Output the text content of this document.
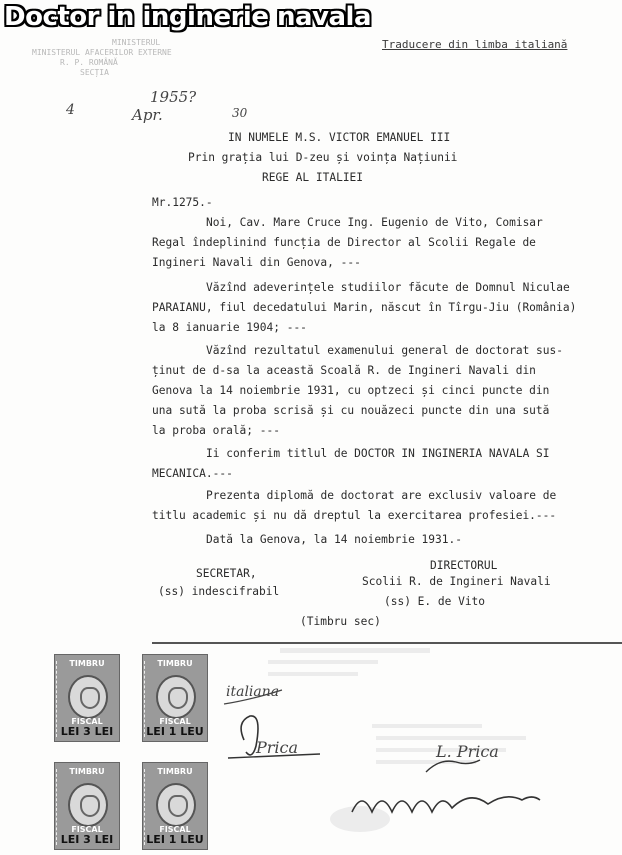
MINISTERUL
MINISTERUL AFACERILOR EXTERNE
R. P. ROMÂNĂ
SECȚIA
Traducere din limba italiană
4
1955?
Apr.	30
IN NUMELE M.S. VICTOR EMANUEL III
Prin grația lui D-zeu și voința Națiunii
REGE AL ITALIEI
Mr.1275.-
Noi, Cav. Mare Cruce Ing. Eugenio de Vito, Comisar
Regal îndeplinind funcția de Director al Scolii Regale de
Ingineri Navali din Genova, ---
Văzînd adeverințele studiilor făcute de Domnul Niculae
PARAIANU, fiul decedatului Marin, născut în Tîrgu-Jiu (România)
la 8 ianuarie 1904; ---
Văzînd rezultatul examenului general de doctorat sus-
ținut de d-sa la această Scoală R. de Ingineri Navali din
Genova la 14 noiembrie 1931, cu optzeci și cinci puncte din
una sută la proba scrisă și cu nouăzeci puncte din una sută
la proba orală; ---
Ii conferim titlul de DOCTOR IN INGINERIA NAVALA SI
MECANICA.---
Prezenta diplomă de doctorat are exclusiv valoare de
titlu academic și nu dă dreptul la exercitarea profesiei.---
Dată la Genova, la 14 noiembrie 1931.-
DIRECTORUL
SECRETAR,
Scolii R. de Ingineri Navali
(ss) indescifrabil
(ss) E. de Vito
(Timbru sec)
TIMBRU
FISCAL
LEI 3 LEI
TIMBRU
FISCAL
LEI 1 LEU
TIMBRU
FISCAL
LEI 3 LEI
TIMBRU
FISCAL
LEI 1 LEU
italiana
Prica	L. Prica
Doctor in inginerie navala
